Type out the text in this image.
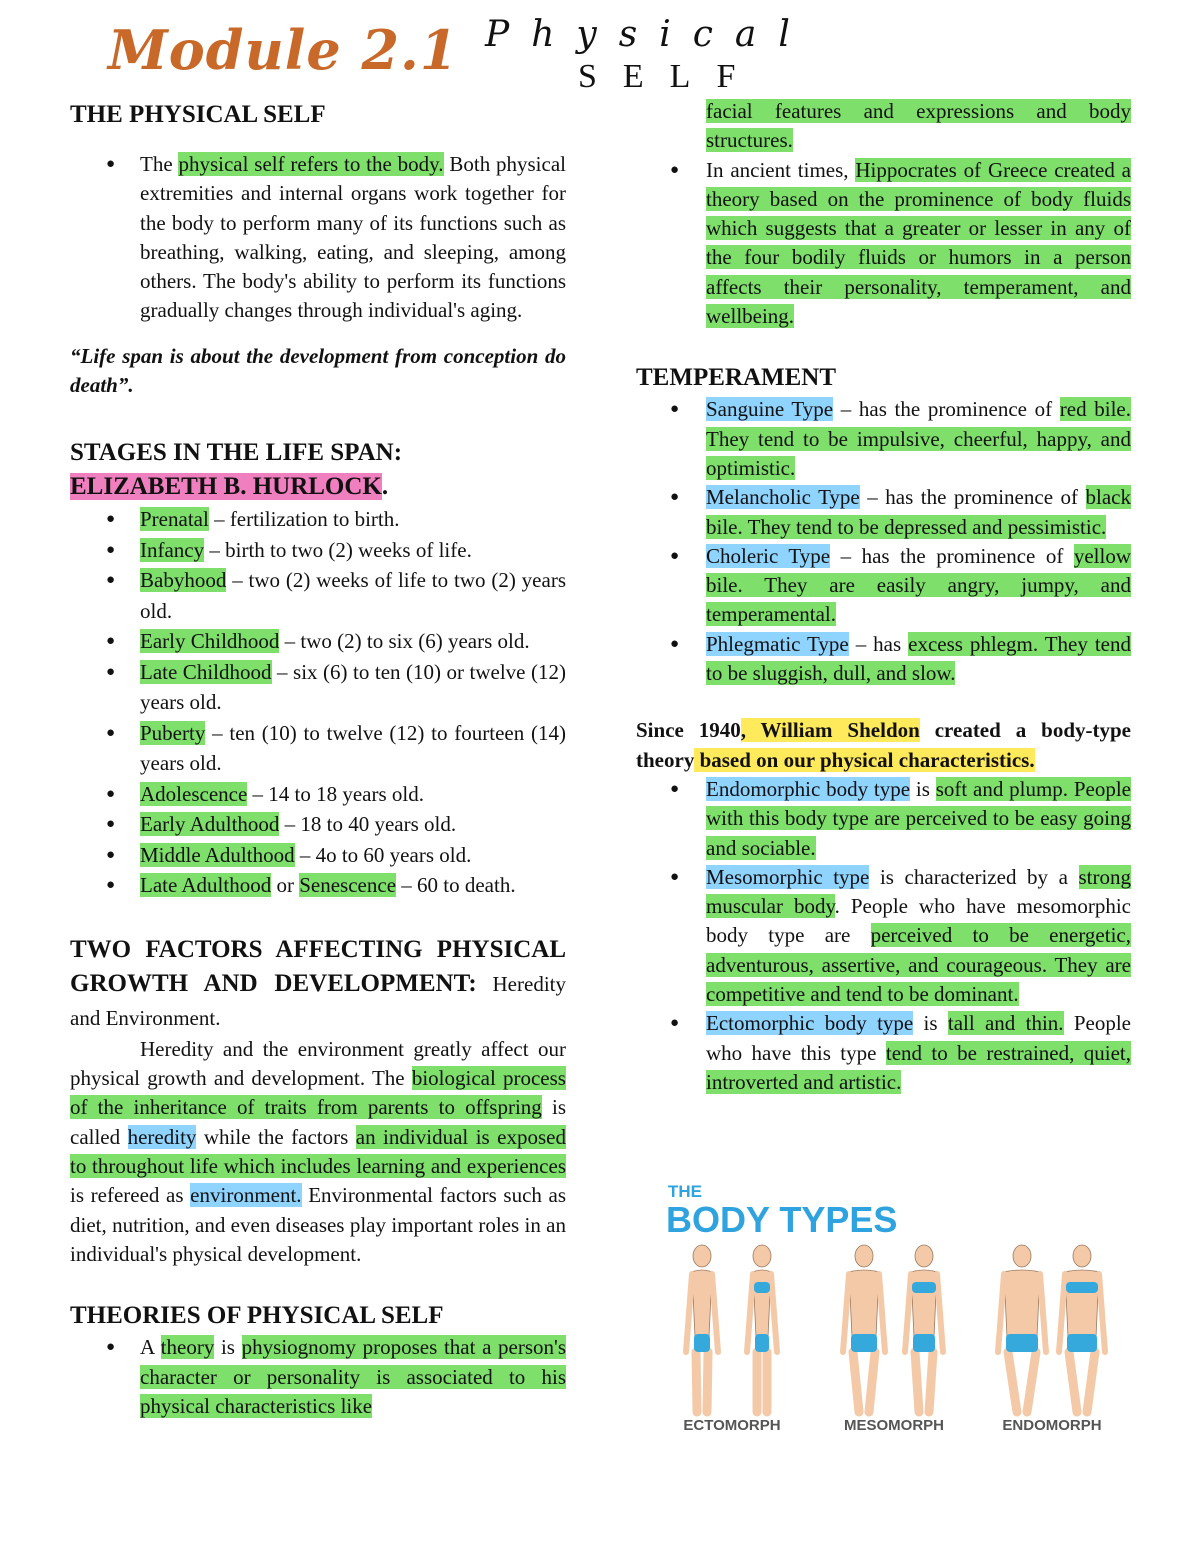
Module 2.1 Physical
SELF

THE PHYSICAL SELF

● The physical self refers to the body. Both physical extremities and internal organs work together for the body to perform many of its functions such as breathing, walking, eating, and sleeping, among others. The body's ability to perform its functions gradually changes through individual's aging.

“Life span is about the development from conception do death”.

STAGES IN THE LIFE SPAN:
ELIZABETH B. HURLOCK.

● Prenatal – fertilization to birth.
● Infancy – birth to two (2) weeks of life.
● Babyhood – two (2) weeks of life to two (2) years old.
● Early Childhood – two (2) to six (6) years old.
● Late Childhood – six (6) to ten (10) or twelve (12) years old.
● Puberty – ten (10) to twelve (12) to fourteen (14) years old.
● Adolescence – 14 to 18 years old.
● Early Adulthood – 18 to 40 years old.
● Middle Adulthood – 4o to 60 years old.
● Late Adulthood or Senescence – 60 to death.

TWO FACTORS AFFECTING PHYSICAL GROWTH AND DEVELOPMENT: Heredity and Environment.

Heredity and the environment greatly affect our physical growth and development. The biological process of the inheritance of traits from parents to offspring is called heredity while the factors an individual is exposed to throughout life which includes learning and experiences is refereed as environment. Environmental factors such as diet, nutrition, and even diseases play important roles in an individual's physical development.

THEORIES OF PHYSICAL SELF

● A theory is physiognomy proposes that a person's character or personality is associated to his physical characteristics like

facial features and expressions and body structures.

● In ancient times, Hippocrates of Greece created a theory based on the prominence of body fluids which suggests that a greater or lesser in any of the four bodily fluids or humors in a person affects their personality, temperament, and wellbeing.

TEMPERAMENT

● Sanguine Type – has the prominence of red bile. They tend to be impulsive, cheerful, happy, and optimistic.
● Melancholic Type – has the prominence of black bile. They tend to be depressed and pessimistic.
● Choleric Type – has the prominence of yellow bile. They are easily angry, jumpy, and temperamental.
● Phlegmatic Type – has excess phlegm. They tend to be sluggish, dull, and slow.

Since 1940, William Sheldon created a body-type theory based on our physical characteristics.

● Endomorphic body type is soft and plump. People with this body type are perceived to be easy going and sociable.
● Mesomorphic type is characterized by a strong muscular body. People who have mesomorphic body type are perceived to be energetic, adventurous, assertive, and courageous. They are competitive and tend to be dominant.
● Ectomorphic body type is tall and thin. People who have this type tend to be restrained, quiet, introverted and artistic.
THE
BODY TYPES
ECTOMORPH	MESOMORPH	ENDOMORPH
